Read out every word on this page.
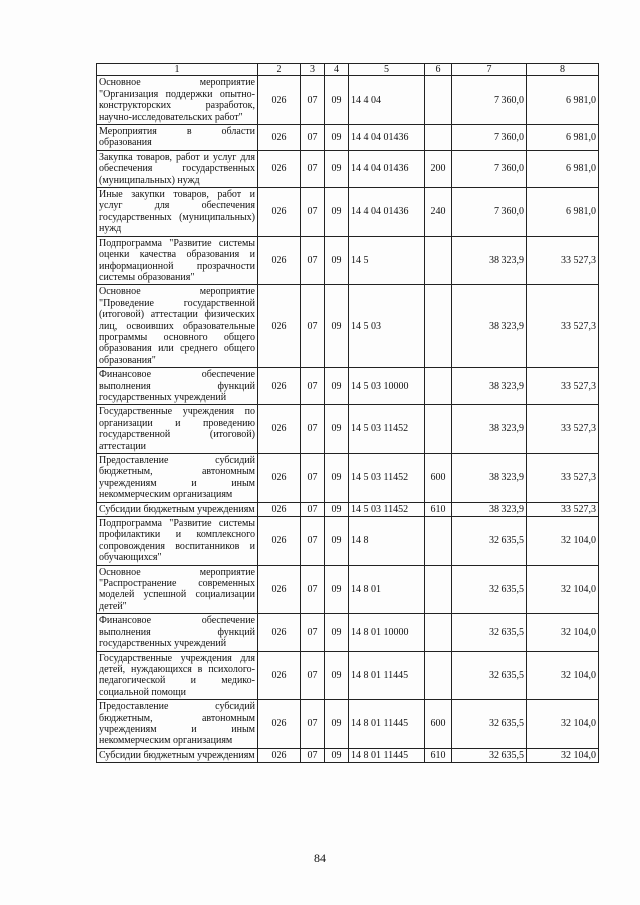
1	2	3	4	5	6	7	8
Основное мероприятие "Организация поддержки опытно-конструкторских разработок, научно-исследовательских работ"	026	07	09	14 4 04		7 360,0	6 981,0
Мероприятия в области образования	026	07	09	14 4 04 01436		7 360,0	6 981,0
Закупка товаров, работ и услуг для обеспечения государственных (муниципальных) нужд	026	07	09	14 4 04 01436	200	7 360,0	6 981,0
Иные закупки товаров, работ и услуг для обеспечения государственных (муниципальных) нужд	026	07	09	14 4 04 01436	240	7 360,0	6 981,0
Подпрограмма "Развитие системы оценки качества образования и информационной прозрачности системы образования"	026	07	09	14 5		38 323,9	33 527,3
Основное мероприятие "Проведение государственной (итоговой) аттестации физических лиц, освоивших образовательные программы основного общего образования или среднего общего образования"	026	07	09	14 5 03		38 323,9	33 527,3
Финансовое обеспечение выполнения функций государственных учреждений	026	07	09	14 5 03 10000		38 323,9	33 527,3
Государственные учреждения по организации и проведению государственной (итоговой) аттестации	026	07	09	14 5 03 11452		38 323,9	33 527,3
Предоставление субсидий бюджетным, автономным учреждениям и иным некоммерческим организациям	026	07	09	14 5 03 11452	600	38 323,9	33 527,3
Субсидии бюджетным учреждениям	026	07	09	14 5 03 11452	610	38 323,9	33 527,3
Подпрограмма "Развитие системы профилактики и комплексного сопровождения воспитанников и обучающихся"	026	07	09	14 8		32 635,5	32 104,0
Основное мероприятие "Распространение современных моделей успешной социализации детей"	026	07	09	14 8 01		32 635,5	32 104,0
Финансовое обеспечение выполнения функций государственных учреждений	026	07	09	14 8 01 10000		32 635,5	32 104,0
Государственные учреждения для детей, нуждающихся в психолого-педагогической и медико-социальной помощи	026	07	09	14 8 01 11445		32 635,5	32 104,0
Предоставление субсидий бюджетным, автономным учреждениям и иным некоммерческим организациям	026	07	09	14 8 01 11445	600	32 635,5	32 104,0
Субсидии бюджетным учреждениям	026	07	09	14 8 01 11445	610	32 635,5	32 104,0
84
